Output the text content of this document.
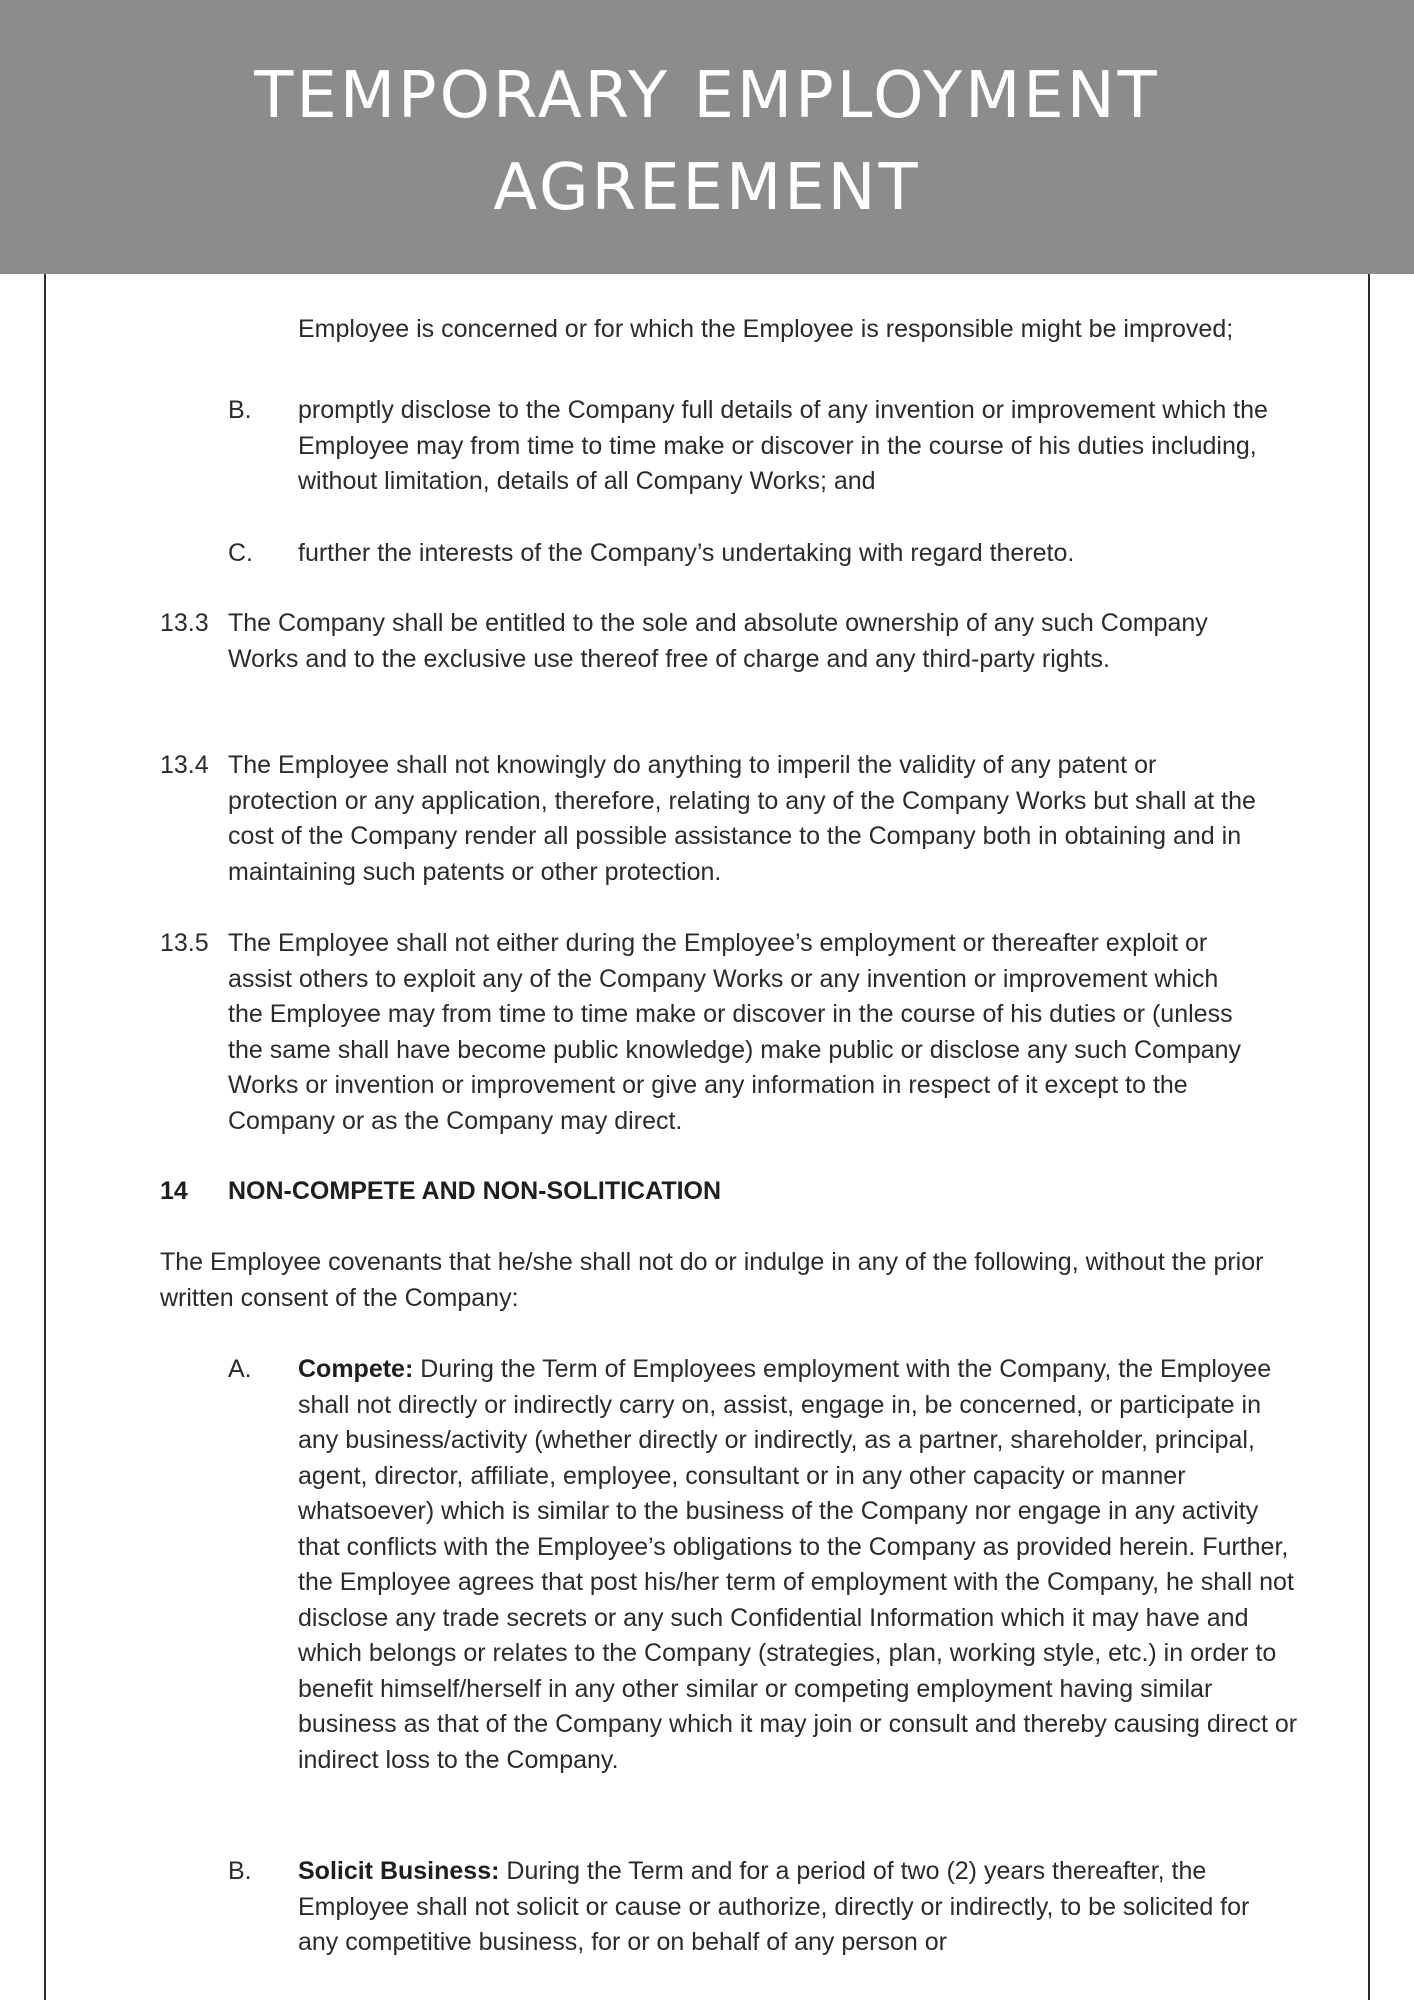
TEMPORARY EMPLOYMENT
AGREEMENT

Employee is concerned or for which the Employee is responsible might be improved;

B. promptly disclose to the Company full details of any invention or improvement which the Employee may from time to time make or discover in the course of his duties including, without limitation, details of all Company Works; and

C. further the interests of the Company’s undertaking with regard thereto.

13.3 The Company shall be entitled to the sole and absolute ownership of any such Company Works and to the exclusive use thereof free of charge and any third-party rights.

13.4 The Employee shall not knowingly do anything to imperil the validity of any patent or protection or any application, therefore, relating to any of the Company Works but shall at the cost of the Company render all possible assistance to the Company both in obtaining and in maintaining such patents or other protection.

13.5 The Employee shall not either during the Employee’s employment or thereafter exploit or assist others to exploit any of the Company Works or any invention or improvement which the Employee may from time to time make or discover in the course of his duties or (unless the same shall have become public knowledge) make public or disclose any such Company Works or invention or improvement or give any information in respect of it except to the Company or as the Company may direct.

14 NON-COMPETE AND NON-SOLITICATION

The Employee covenants that he/she shall not do or indulge in any of the following, without the prior written consent of the Company:

A. Compete: During the Term of Employees employment with the Company, the Employee shall not directly or indirectly carry on, assist, engage in, be concerned, or participate in any business/activity (whether directly or indirectly, as a partner, shareholder, principal, agent, director, affiliate, employee, consultant or in any other capacity or manner whatsoever) which is similar to the business of the Company nor engage in any activity that conflicts with the Employee’s obligations to the Company as provided herein. Further, the Employee agrees that post his/her term of employment with the Company, he shall not disclose any trade secrets or any such Confidential Information which it may have and which belongs or relates to the Company (strategies, plan, working style, etc.) in order to benefit himself/herself in any other similar or competing employment having similar business as that of the Company which it may join or consult and thereby causing direct or indirect loss to the Company.

B. Solicit Business: During the Term and for a period of two (2) years thereafter, the Employee shall not solicit or cause or authorize, directly or indirectly, to be solicited for any competitive business, for or on behalf of any person or
